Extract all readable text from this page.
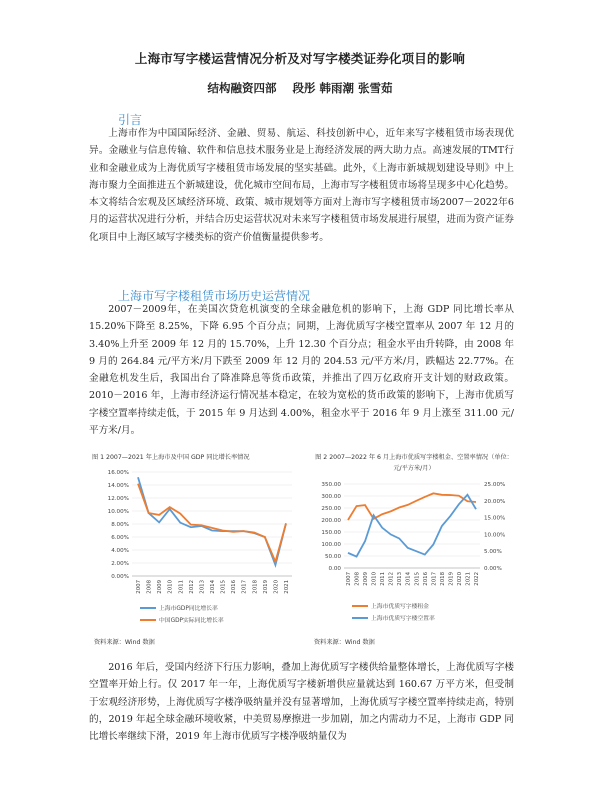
上海市写字楼运营情况分析及对写字楼类证券化项目的影响
结构融资四部 段彤 韩雨潮 张雪茹
引言

上海市作为中国国际经济、金融、贸易、航运、科技创新中心，近年来写字楼租赁市场表现优异。金融业与信息传输、软件和信息技术服务业是上海经济发展的两大助力点。高速发展的TMT行业和金融业成为上海优质写字楼租赁市场发展的坚实基础。此外，《上海市新城规划建设导则》中上海市聚力全面推进五个新城建设，优化城市空间布局，上海市写字楼租赁市场将呈现多中心化趋势。本文将结合宏观及区域经济环境、政策、城市规划等方面对上海市写字楼租赁市场2007－2022年6月的运营状况进行分析，并结合历史运营状况对未来写字楼租赁市场发展进行展望，进而为资产证券化项目中上海区域写字楼类标的资产价值衡量提供参考。

上海市写字楼租赁市场历史运营情况

2007－2009年，在美国次贷危机演变的全球金融危机的影响下，上海 GDP 同比增长率从 15.20%下降至 8.25%，下降 6.95 个百分点；同期，上海优质写字楼空置率从 2007 年 12 月的 3.40%上升至 2009 年 12 月的 15.70%，上升 12.30 个百分点；租金水平由升转降，由 2008 年 9 月的 264.84 元/平方米/月下跌至 2009 年 12 月的 204.53 元/平方米/月，跌幅达 22.77%。在金融危机发生后，我国出台了降准降息等货币政策，并推出了四万亿政府开支计划的财政政策。2010－2016 年，上海市经济运行情况基本稳定，在较为宽松的货币政策的影响下，上海市优质写字楼空置率持续走低，于 2015 年 9 月达到 4.00%，租金水平于 2016 年 9 月上涨至 311.00 元/平方米/月。

图 1 2007—2021 年上海市及中国 GDP 同比增长率情况
0.00%
2.00%
4.00%
6.00%
8.00%
10.00%
12.00%
14.00%
16.00%
2007 2008 2009 2010 2011 2012 2013 2014 2015 2016 2017 2018 2019 2020 2021
上海市GDP同比增长率
中国GDP实际同比增长率
资料来源：Wind 数据
图 2 2007—2022 年 6 月上海市优质写字楼租金、空置率情况（单位：元/平方米/月）
0.00
50.00
100.00
150.00
200.00
250.00
300.00
350.00
0.00%
5.00%
10.00%
15.00%
20.00%
25.00%
2007 2008 2009 2010 2011 2012 2013 2014 2015 2016 2017 2018 2019 2020 2021 2022
上海市优质写字楼租金
上海市优质写字楼空置率
资料来源：Wind 数据

2016 年后，受国内经济下行压力影响，叠加上海优质写字楼供给量整体增长，上海优质写字楼空置率开始上行。仅 2017 年一年，上海优质写字楼新增供应量就达到 160.67 万平方米，但受制于宏观经济形势，上海优质写字楼净吸纳量并没有显著增加，上海优质写字楼空置率持续走高，特别的，2019 年起全球金融环境收紧，中美贸易摩擦进一步加剧，加之内需动力不足，上海市 GDP 同比增长率继续下滑，2019 年上海市优质写字楼净吸纳量仅为
